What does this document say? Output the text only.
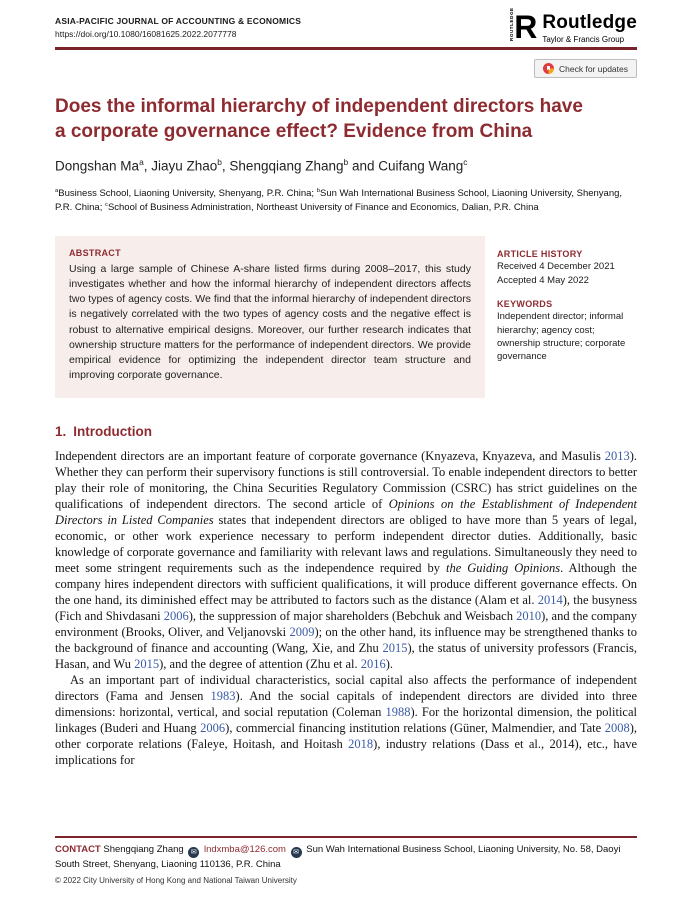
ASIA-PACIFIC JOURNAL OF ACCOUNTING & ECONOMICS
https://doi.org/10.1080/16081625.2022.2077778	ROUTLEDGE R Routledge
Taylor & Francis Group
Check for updates
Does the informal hierarchy of independent directors have
a corporate governance effect? Evidence from China
Dongshan Ma$^a$, Jiayu Zhao$^b$, Shengqiang Zhang$^b$ and Cuifang Wang$^c$
$^a$Business School, Liaoning University, Shenyang, P.R. China; $^b$Sun Wah International Business School, Liaoning University, Shenyang, P.R. China; $^c$School of Business Administration, Northeast University of Finance and Economics, Dalian, P.R. China
ABSTRACT
Using a large sample of Chinese A-share listed firms during 2008–2017, this study investigates whether and how the informal hierarchy of independent directors affects two types of agency costs. We find that the informal hierarchy of independent directors is negatively correlated with the two types of agency costs and the negative effect is robust to alternative empirical designs. Moreover, our further research indicates that ownership structure matters for the performance of independent directors. We provide empirical evidence for optimizing the independent director team structure and improving corporate governance.
ARTICLE HISTORY
Received 4 December 2021
Accepted 4 May 2022
KEYWORDS
Independent director; informal hierarchy; agency cost; ownership structure; corporate governance
1. Introduction

Independent directors are an important feature of corporate governance (Knyazeva, Knyazeva, and Masulis 2013). Whether they can perform their supervisory functions is still controversial. To enable independent directors to better play their role of monitoring, the China Securities Regulatory Commission (CSRC) has strict guidelines on the qualifications of independent directors. The second article of Opinions on the Establishment of Independent Directors in Listed Companies states that independent directors are obliged to have more than 5 years of legal, economic, or other work experience necessary to perform independent director duties. Additionally, basic knowledge of corporate governance and familiarity with relevant laws and regulations. Simultaneously they need to meet some stringent requirements such as the independence required by the Guiding Opinions. Although the company hires independent directors with sufficient qualifications, it will produce different governance effects. On the one hand, its diminished effect may be attributed to factors such as the distance (Alam et al. 2014), the busyness (Fich and Shivdasani 2006), the suppression of major shareholders (Bebchuk and Weisbach 2010), and the company environment (Brooks, Oliver, and Veljanovski 2009); on the other hand, its influence may be strengthened thanks to the background of finance and accounting (Wang, Xie, and Zhu 2015), the status of university professors (Francis, Hasan, and Wu 2015), and the degree of attention (Zhu et al. 2016).

As an important part of individual characteristics, social capital also affects the performance of independent directors (Fama and Jensen 1983). And the social capitals of independent directors are divided into three dimensions: horizontal, vertical, and social reputation (Coleman 1988). For the horizontal dimension, the political linkages (Buderi and Huang 2006), commercial financing institution relations (Güner, Malmendier, and Tate 2008), other corporate relations (Faleye, Hoitash, and Hoitash 2018), industry relations (Dass et al., 2014), etc., have implications for

CONTACT Shengqiang Zhang ✉ lndxmba@126.com ✉ Sun Wah International Business School, Liaoning University, No. 58, Daoyi South Street, Shenyang, Liaoning 110136, P.R. China
© 2022 City University of Hong Kong and National Taiwan University
